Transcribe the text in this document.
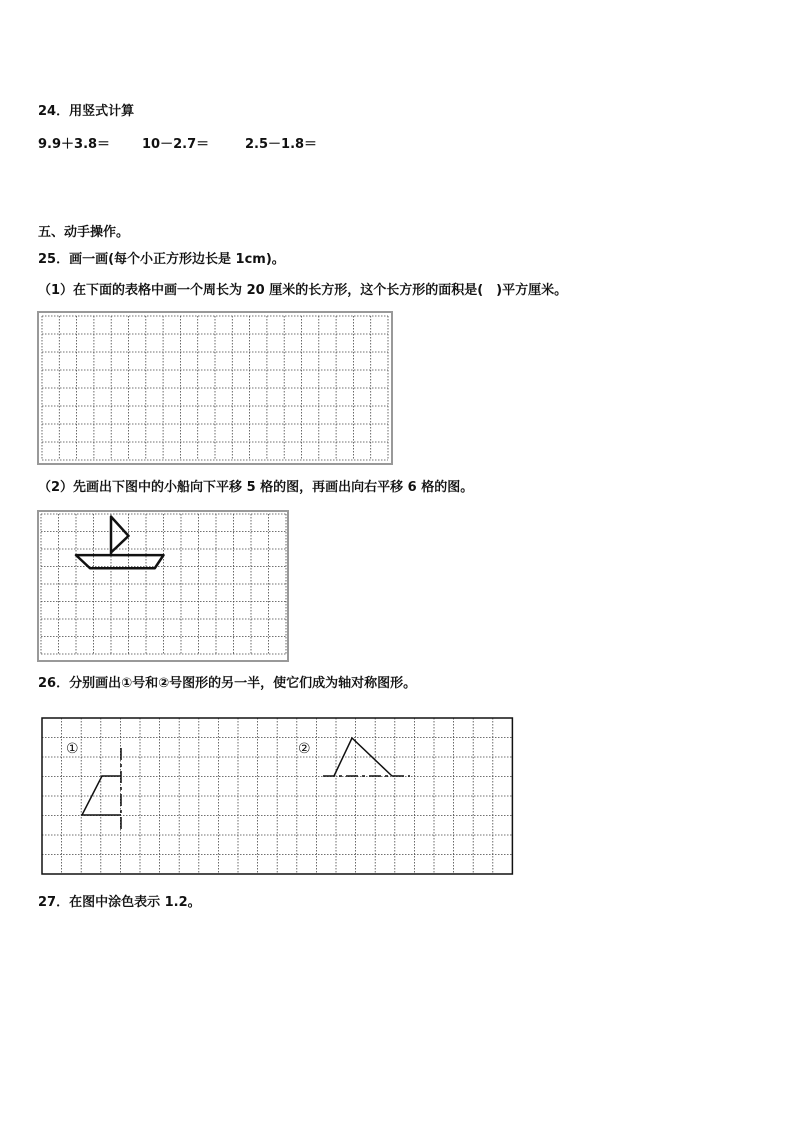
24．用竖式计算
9.9＋3.8＝ 10－2.7＝	2.5－1.8＝
五、动手操作。
25．画一画(每个小正方形边长是 1cm)。
（1）在下面的表格中画一个周长为 20 厘米的长方形，这个长方形的面积是(　)平方厘米。
（2）先画出下图中的小船向下平移 5 格的图，再画出向右平移 6 格的图。
26．分别画出①号和②号图形的另一半，使它们成为轴对称图形。
①	②
27．在图中涂色表示 1.2。
